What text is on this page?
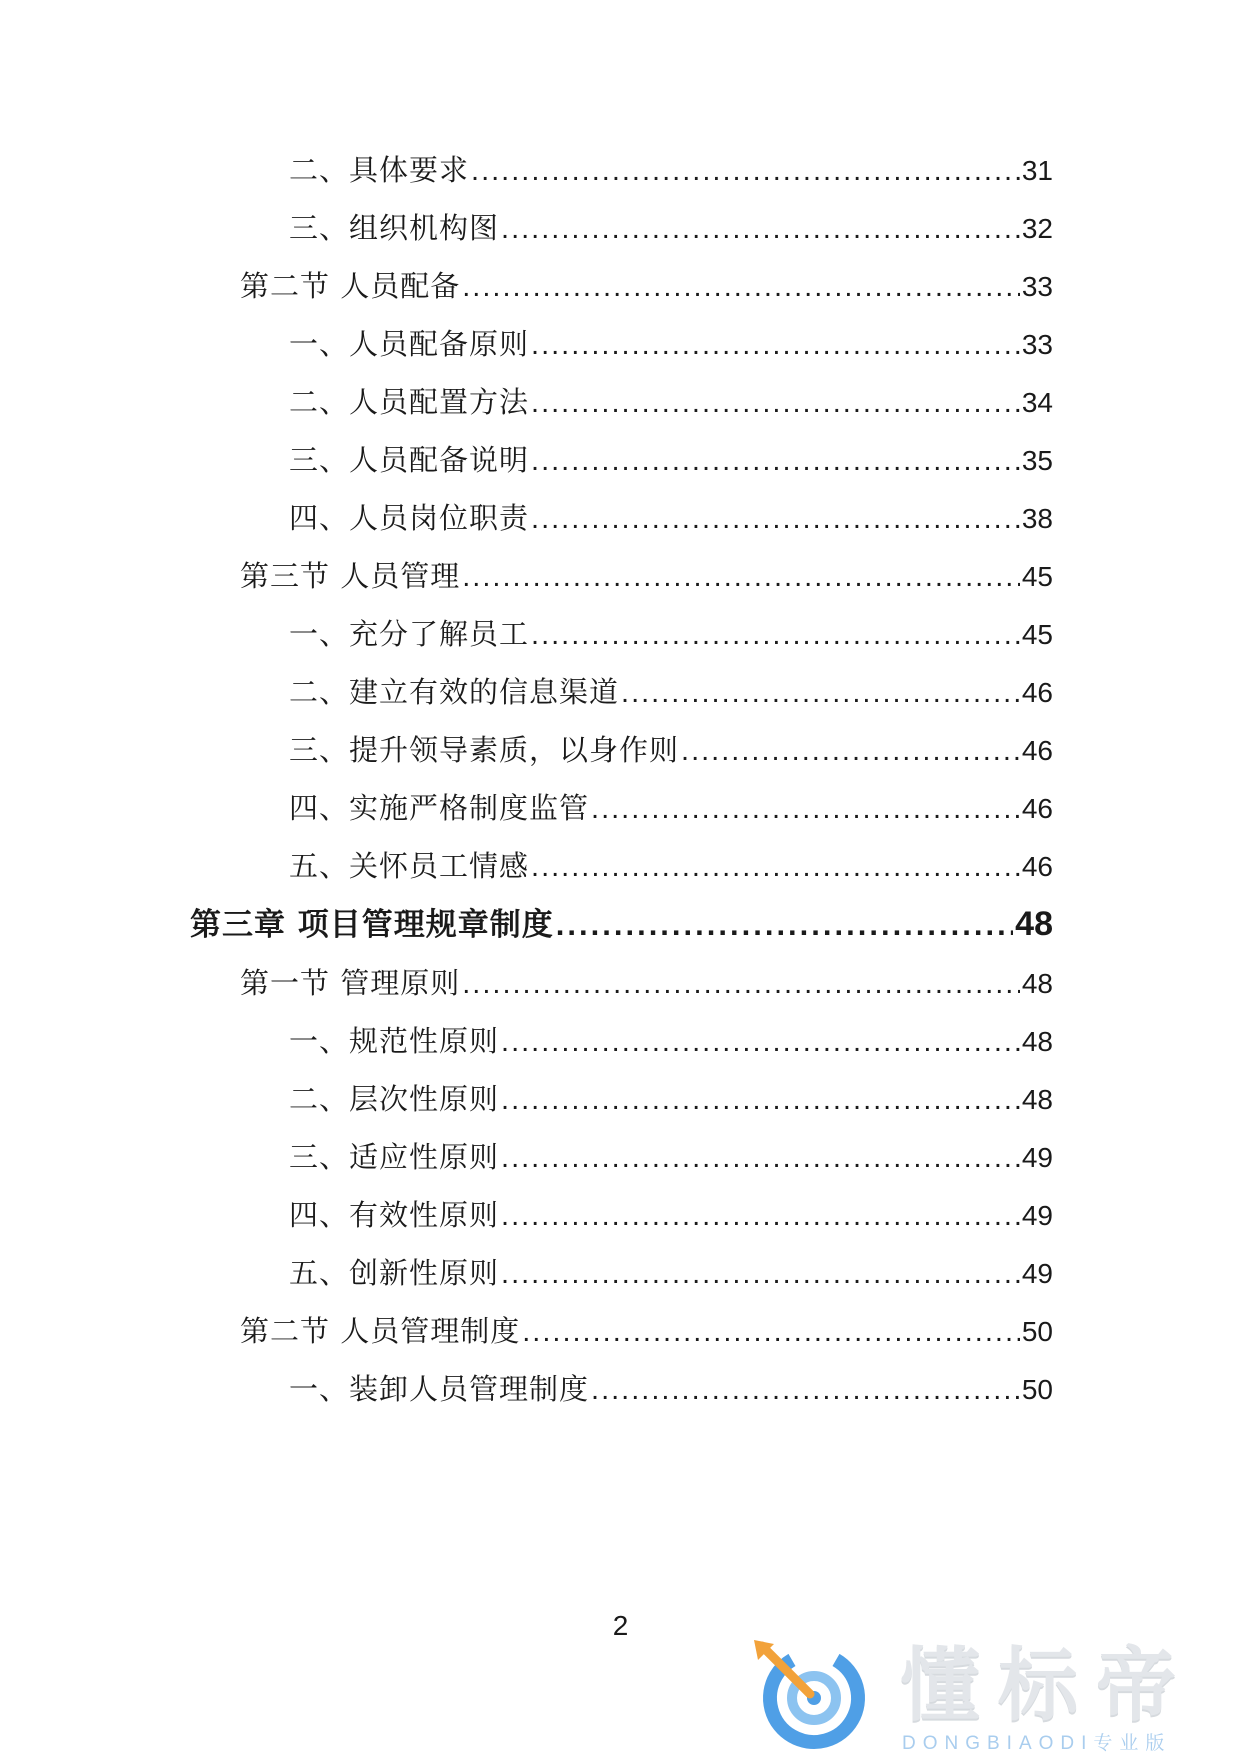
二、具体要求 .....	31
三、组织机构图 .....	32
第二节 人员配备 .....	33
一、人员配备原则 .....	33
二、人员配置方法 .....	34
三、人员配备说明 .....	35
四、人员岗位职责 .....	38
第三节 人员管理 .....	45
一、充分了解员工 .....	45
二、建立有效的信息渠道 .....	46
三、提升领导素质，以身作则 .....	46
四、实施严格制度监管 .....	46
五、关怀员工情感 .....	46
第三章 项目管理规章制度 .....	48
第一节 管理原则 .....	48
一、规范性原则 .....	48
二、层次性原则 .....	48
三、适应性原则 .....	49
四、有效性原则 .....	49
五、创新性原则 .....	49
第二节 人员管理制度 .....	50
一、装卸人员管理制度 .....	50
2
懂标帝
DONGBIAODI专业版
